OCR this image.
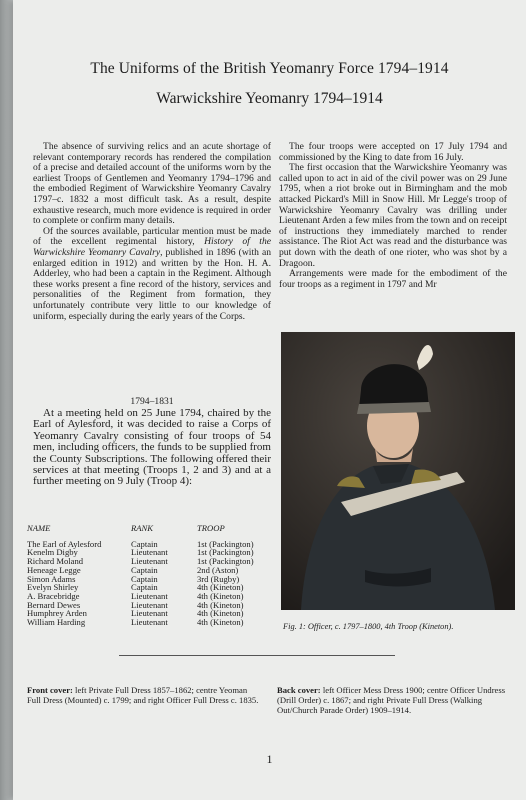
The Uniforms of the British Yeomanry Force 1794–1914
Warwickshire Yeomanry 1794–1914

The absence of surviving relics and an acute shortage of relevant contemporary records has rendered the compilation of a precise and detailed account of the uniforms worn by the earliest Troops of Gentlemen and Yeomanry 1794–1796 and the embodied Regiment of Warwickshire Yeomanry Cavalry 1797–c. 1832 a most difficult task. As a result, despite exhaustive research, much more evidence is required in order to complete or confirm many details.

Of the sources available, particular mention must be made of the excellent regimental history, History of the Warwickshire Yeomanry Cavalry, published in 1896 (with an enlarged edition in 1912) and written by the Hon. H. A. Adderley, who had been a captain in the Regiment. Although these works present a fine record of the history, services and personalities of the Regiment from formation, they unfortunately contribute very little to our knowledge of uniform, especially during the early years of the Corps.

1794–1831

At a meeting held on 25 June 1794, chaired by the Earl of Aylesford, it was decided to raise a Corps of Yeomanry Cavalry consisting of four troops of 54 men, including officers, the funds to be supplied from the County Subscriptions. The following offered their services at that meeting (Troops 1, 2 and 3) and at a further meeting on 9 July (Troop 4):

NAME	RANK	TROOP
The Earl of Aylesford	Captain	1st (Packington)
Kenelm Digby	Lieutenant	1st (Packington)
Richard Moland	Lieutenant	1st (Packington)
Heneage Legge	Captain	2nd (Aston)
Simon Adams	Captain	3rd (Rugby)
Evelyn Shirley	Captain	4th (Kineton)
A. Bracebridge	Lieutenant	4th (Kineton)
Bernard Dewes	Lieutenant	4th (Kineton)
Humphrey Arden	Lieutenant	4th (Kineton)
William Harding	Lieutenant	4th (Kineton)

The four troops were accepted on 17 July 1794 and commissioned by the King to date from 16 July.

The first occasion that the Warwickshire Yeomanry was called upon to act in aid of the civil power was on 29 June 1795, when a riot broke out in Birmingham and the mob attacked Pickard's Mill in Snow Hill. Mr Legge's troop of Warwickshire Yeomanry Cavalry was drilling under Lieutenant Arden a few miles from the town and on receipt of instructions they immediately marched to render assistance. The Riot Act was read and the disturbance was put down with the death of one rioter, who was shot by a Dragoon.

Arrangements were made for the embodiment of the four troops as a regiment in 1797 and Mr

Fig. 1: Officer, c. 1797–1800, 4th Troop (Kineton).
Front cover: left Private Full Dress 1857–1862; centre Yeoman Full Dress (Mounted) c. 1799; and right Officer Full Dress c. 1835.
Back cover: left Officer Mess Dress 1900; centre Officer Undress (Drill Order) c. 1867; and right Private Full Dress (Walking Out/Church Parade Order) 1909–1914.
1
